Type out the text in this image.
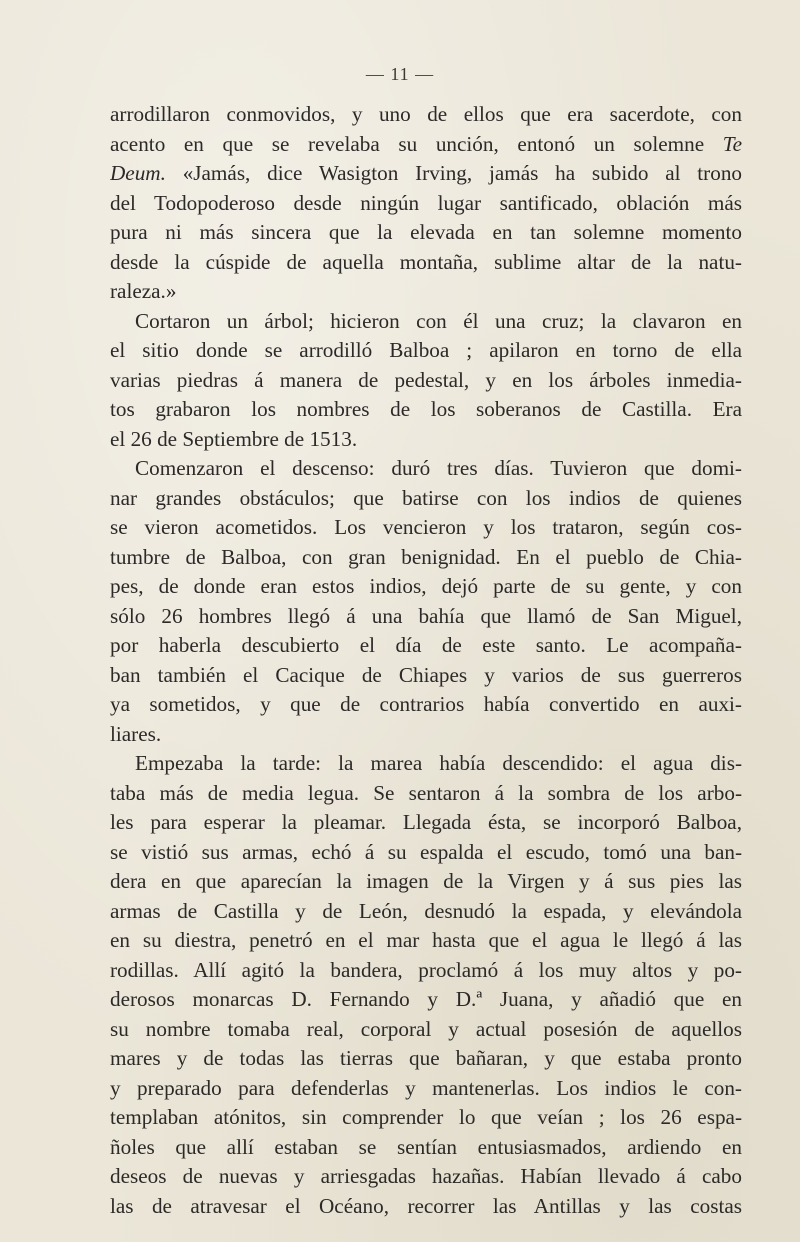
— 11 —
arrodillaron conmovidos, y uno de ellos que era sacerdote, con
acento en que se revelaba su unción, entonó un solemne Te
Deum. «Jamás, dice Wasigton Irving, jamás ha subido al trono
del Todopoderoso desde ningún lugar santificado, oblación más
pura ni más sincera que la elevada en tan solemne momento
desde la cúspide de aquella montaña, sublime altar de la natu-
raleza.»
Cortaron un árbol; hicieron con él una cruz; la clavaron en
el sitio donde se arrodilló Balboa ; apilaron en torno de ella
varias piedras á manera de pedestal, y en los árboles inmedia-
tos grabaron los nombres de los soberanos de Castilla. Era
el 26 de Septiembre de 1513.
Comenzaron el descenso: duró tres días. Tuvieron que domi-
nar grandes obstáculos; que batirse con los indios de quienes
se vieron acometidos. Los vencieron y los trataron, según cos-
tumbre de Balboa, con gran benignidad. En el pueblo de Chia-
pes, de donde eran estos indios, dejó parte de su gente, y con
sólo 26 hombres llegó á una bahía que llamó de San Miguel,
por haberla descubierto el día de este santo. Le acompaña-
ban también el Cacique de Chiapes y varios de sus guerreros
ya sometidos, y que de contrarios había convertido en auxi-
liares.
Empezaba la tarde: la marea había descendido: el agua dis-
taba más de media legua. Se sentaron á la sombra de los arbo-
les para esperar la pleamar. Llegada ésta, se incorporó Balboa,
se vistió sus armas, echó á su espalda el escudo, tomó una ban-
dera en que aparecían la imagen de la Virgen y á sus pies las
armas de Castilla y de León, desnudó la espada, y elevándola
en su diestra, penetró en el mar hasta que el agua le llegó á las
rodillas. Allí agitó la bandera, proclamó á los muy altos y po-
derosos monarcas D. Fernando y D.ª Juana, y añadió que en
su nombre tomaba real, corporal y actual posesión de aquellos
mares y de todas las tierras que bañaran, y que estaba pronto
y preparado para defenderlas y mantenerlas. Los indios le con-
templaban atónitos, sin comprender lo que veían ; los 26 espa-
ñoles que allí estaban se sentían entusiasmados, ardiendo en
deseos de nuevas y arriesgadas hazañas. Habían llevado á cabo
las de atravesar el Océano, recorrer las Antillas y las costas
